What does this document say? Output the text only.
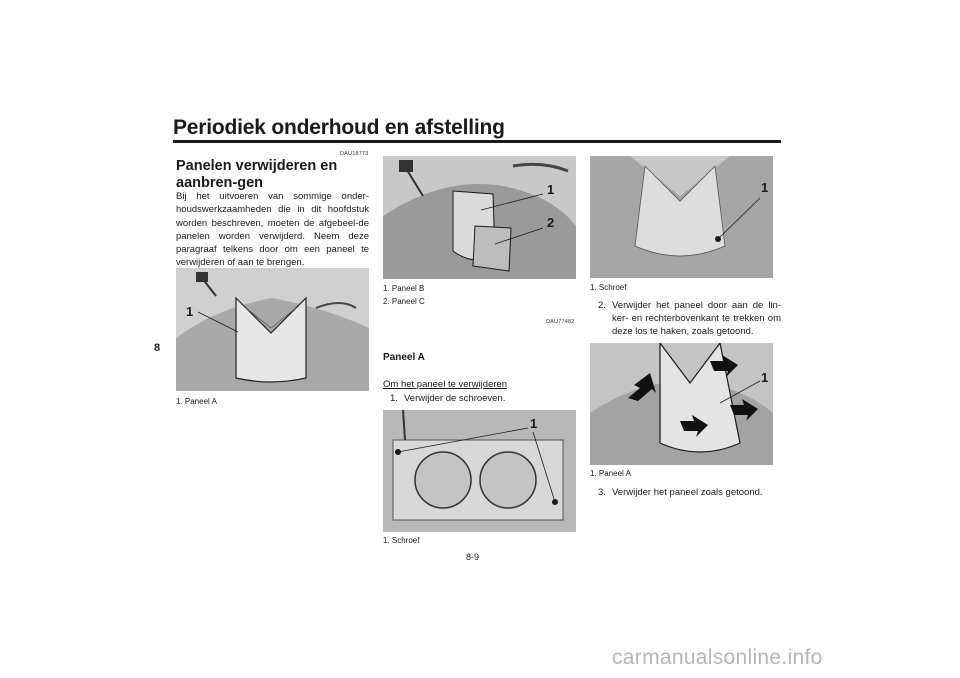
Periodiek onderhoud en afstelling
8
DAU18773
Panelen verwijderen en aanbren-gen
Bij het uitvoeren van sommige onder-houdswerkzaamheden die in dit hoofdstuk worden beschreven, moeten de afgebeel-de panelen worden verwijderd. Neem deze paragraaf telkens door om een paneel te verwijderen of aan te brengen.
1
1. Paneel A
1
2
1. Paneel B
2. Paneel C
DAU77482
Paneel A
Om het paneel te verwijderen
1. Verwijder de schroeven.
1
1. Schroef
1
1. Schroef
2. Verwijder het paneel door aan de lin-ker- en rechterbovenkant te trekken om deze los te haken, zoals getoond.
1
1. Paneel A
3. Verwijder het paneel zoals getoond.
8-9
carmanualsonline.info
